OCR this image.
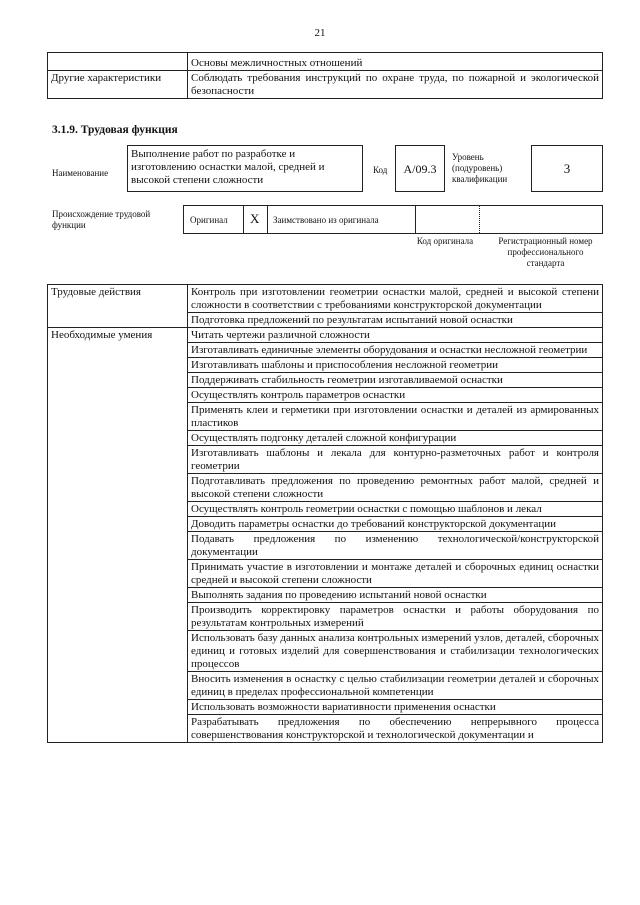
21
	Основы межличностных отношений
Другие характеристики	Соблюдать требования инструкций по охране труда, по пожарной и экологической безопасности
3.1.9. Трудовая функция
Наименование
Выполнение работ по разработке и изготовлению оснастки малой, средней и высокой степени сложности
Код	А/09.3
Уровень (подуровень) квалификации
3
Происхождение трудовой функции	Оригинал X Заимствовано из оригинала
Код оригинала	Регистрационный номер профессионального стандарта
Трудовые действия	Контроль при изготовлении геометрии оснастки малой, средней и высокой степени сложности в соответствии с требованиями конструкторской документации
	Подготовка предложений по результатам испытаний новой оснастки
Необходимые умения	Читать чертежи различной сложности
	Изготавливать единичные элементы оборудования и оснастки несложной геометрии
	Изготавливать шаблоны и приспособления несложной геометрии
	Поддерживать стабильность геометрии изготавливаемой оснастки
	Осуществлять контроль параметров оснастки
	Применять клеи и герметики при изготовлении оснастки и деталей из армированных пластиков
	Осуществлять подгонку деталей сложной конфигурации
	Изготавливать шаблоны и лекала для контурно-разметочных работ и контроля геометрии
	Подготавливать предложения по проведению ремонтных работ малой, средней и высокой степени сложности
	Осуществлять контроль геометрии оснастки с помощью шаблонов и лекал
	Доводить параметры оснастки до требований конструкторской документации
	Подавать предложения по изменению технологической/конструкторской документации
	Принимать участие в изготовлении и монтаже деталей и сборочных единиц оснастки средней и высокой степени сложности
	Выполнять задания по проведению испытаний новой оснастки
	Производить корректировку параметров оснастки и работы оборудования по результатам контрольных измерений
	Использовать базу данных анализа контрольных измерений узлов, деталей, сборочных единиц и готовых изделий для совершенствования и стабилизации технологических процессов
	Вносить изменения в оснастку с целью стабилизации геометрии деталей и сборочных единиц в пределах профессиональной компетенции
	Использовать возможности вариативности применения оснастки
	Разрабатывать предложения по обеспечению непрерывного процесса совершенствования конструкторской и технологической документации и
